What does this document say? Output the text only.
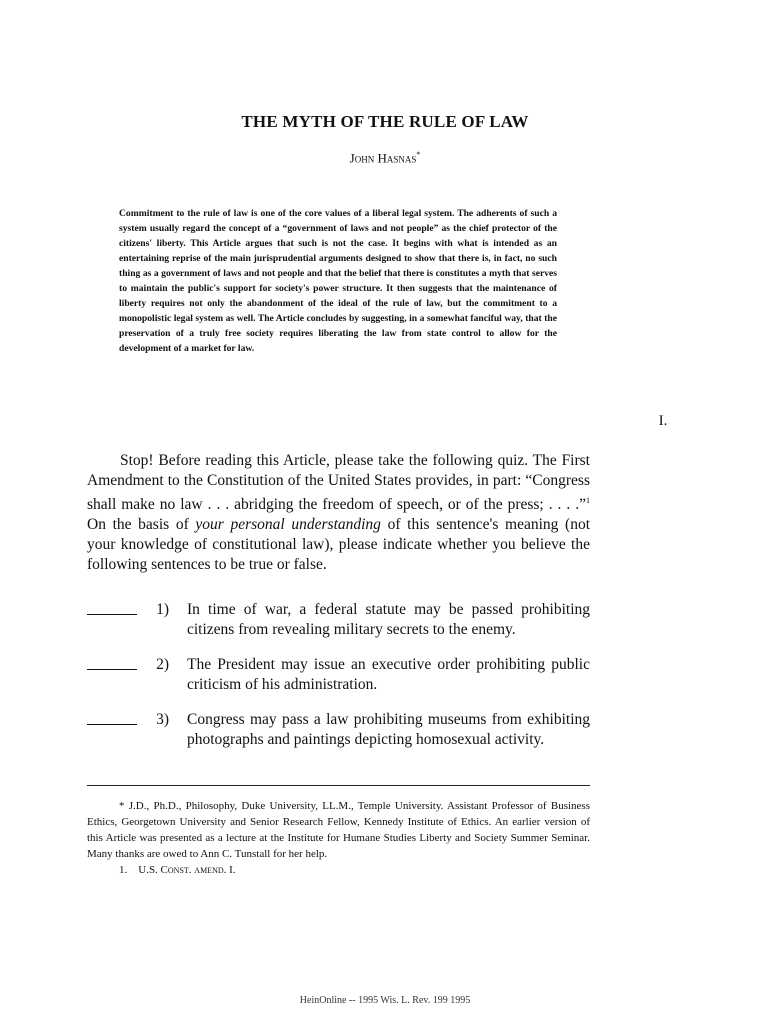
THE MYTH OF THE RULE OF LAW
John Hasnas*
Commitment to the rule of law is one of the core values of a liberal legal system. The adherents of such a system usually regard the concept of a “government of laws and not people” as the chief protector of the citizens' liberty. This Article argues that such is not the case. It begins with what is intended as an entertaining reprise of the main jurisprudential arguments designed to show that there is, in fact, no such thing as a government of laws and not people and that the belief that there is constitutes a myth that serves to maintain the public's support for society's power structure. It then suggests that the maintenance of liberty requires not only the abandonment of the ideal of the rule of law, but the commitment to a monopolistic legal system as well. The Article concludes by suggesting, in a somewhat fanciful way, that the preservation of a truly free society requires liberating the law from state control to allow for the development of a market for law.
I.
Stop! Before reading this Article, please take the following quiz. The First Amendment to the Constitution of the United States provides, in part: “Congress shall make no law . . . abridging the freedom of speech, or of the press; . . . .”$^1$ On the basis of your personal understanding of this sentence's meaning (not your knowledge of constitutional law), please indicate whether you believe the following sentences to be true or false.
1) In time of war, a federal statute may be passed prohibiting citizens from revealing military secrets to the enemy.
2) The President may issue an executive order prohibiting public criticism of his administration.
3) Congress may pass a law prohibiting museums from exhibiting photographs and paintings depicting homosexual activity.

* J.D., Ph.D., Philosophy, Duke University, LL.M., Temple University. Assistant Professor of Business Ethics, Georgetown University and Senior Research Fellow, Kennedy Institute of Ethics. An earlier version of this Article was presented as a lecture at the Institute for Humane Studies Liberty and Society Summer Seminar. Many thanks are owed to Ann C. Tunstall for her help.

1. U.S. Const. amend. I.

HeinOnline -- 1995 Wis. L. Rev. 199 1995
